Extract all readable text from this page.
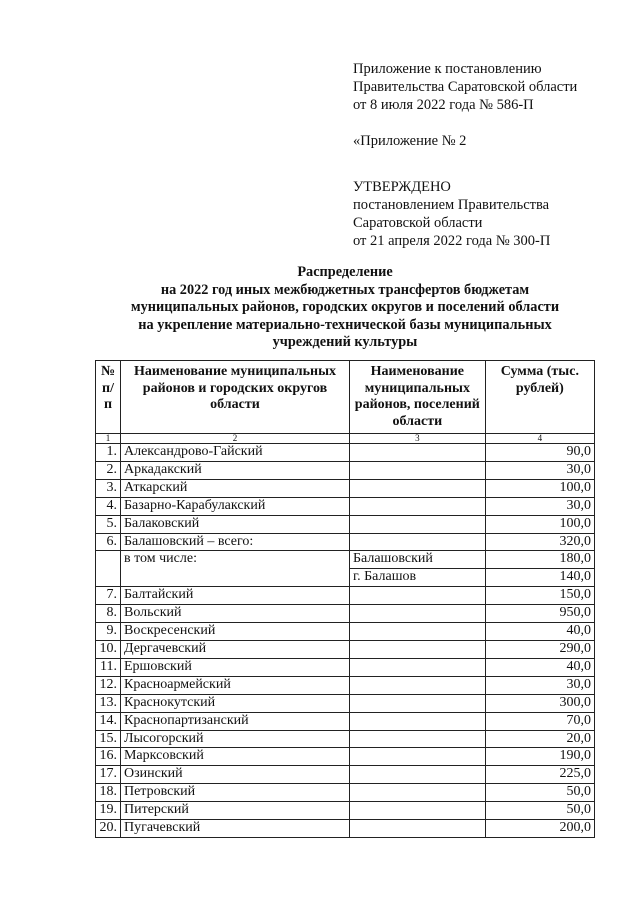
Приложение к постановлению
Правительства Саратовской области
от 8 июля 2022 года № 586-П
«Приложение № 2
УТВЕРЖДЕНО
постановлением Правительства
Саратовской области
от 21 апреля 2022 года № 300-П
Распределение
на 2022 год иных межбюджетных трансфертов бюджетам
муниципальных районов, городских округов и поселений области
на укрепление материально-технической базы муниципальных
учреждений культуры
№ п/п	Наименование муниципальных районов и городских округов области	Наименование муниципальных районов, поселений области	Сумма (тыс. рублей)
1	2	3	4
1.	Александрово-Гайский		90,0
2.	Аркадакский		30,0
3.	Аткарский		100,0
4.	Базарно-Карабулакский		30,0
5.	Балаковский		100,0
6.	Балашовский – всего:		320,0
	в том числе:	Балашовский	180,0
		г. Балашов	140,0
7.	Балтайский		150,0
8.	Вольский		950,0
9.	Воскресенский		40,0
10.	Дергачевский		290,0
11.	Ершовский		40,0
12.	Красноармейский		30,0
13.	Краснокутский		300,0
14.	Краснопартизанский		70,0
15.	Лысогорский		20,0
16.	Марксовский		190,0
17.	Озинский		225,0
18.	Петровский		50,0
19.	Питерский		50,0
20.	Пугачевский		200,0
